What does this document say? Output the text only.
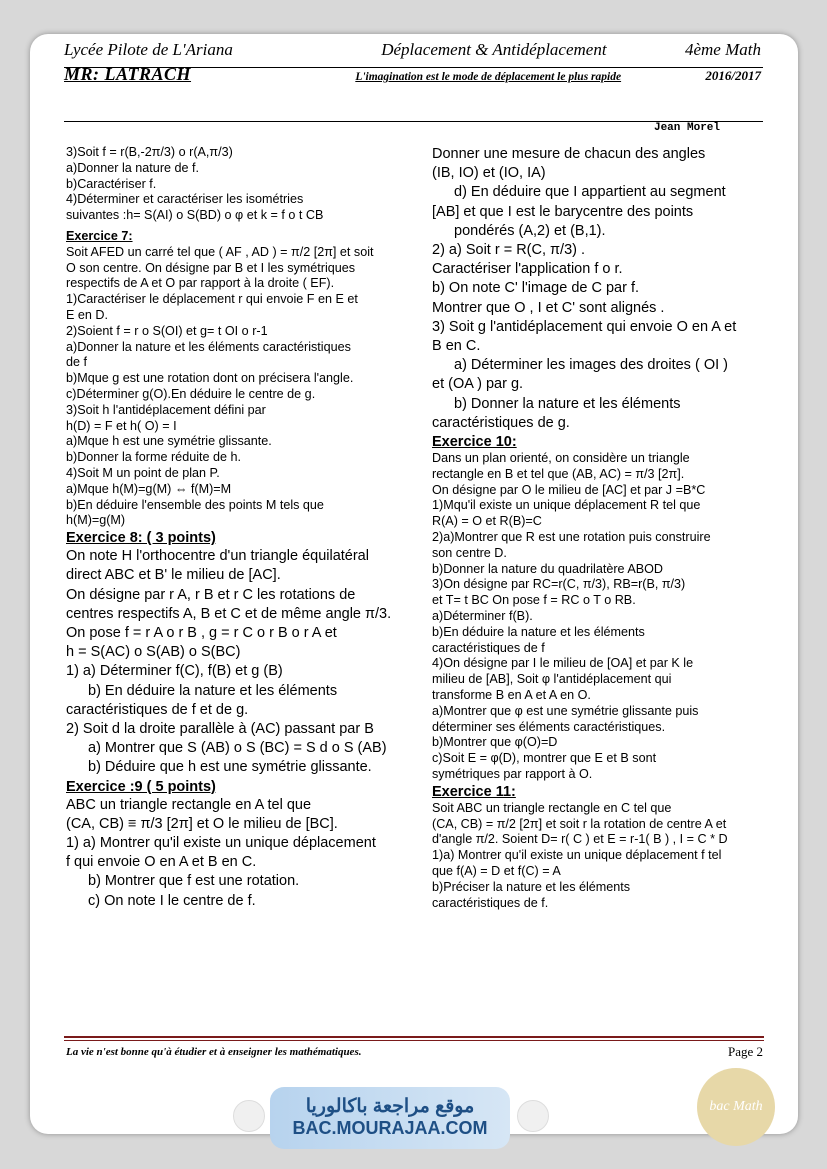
Lycée Pilote de L'Ariana	Déplacement & Antidéplacement	4ème Math
MR: LATRACH	L'imagination est le mode de déplacement le plus rapide	2016/2017
Jean Morel

3)Soit f = r(B,-2π/3) o r(A,π/3)

a)Donner la nature de f.

b)Caractériser f.

4)Déterminer et caractériser les isométries

suivantes :h= S(AI) o S(BD) o φ et k = f o t CB

Exercice 7:

Soit AFED un carré tel que ( AF , AD ) = π/2 [2π] et soit

O son centre. On désigne par B et I les symétriques

respectifs de A et O par rapport à la droite ( EF).

1)Caractériser le déplacement r qui envoie F en E et

E en D.

2)Soient f = r o S(OI) et g= t OI o r-1

a)Donner la nature et les éléments caractéristiques

de f

b)Mque g est une rotation dont on précisera l'angle.

c)Déterminer g(O).En déduire le centre de g.

3)Soit h l'antidéplacement défini par

h(D) = F et h( O) = I

a)Mque h est une symétrie glissante.

b)Donner la forme réduite de h.

4)Soit M un point de plan P.

a)Mque h(M)=g(M) ⇔ f(M)=M

b)En déduire l'ensemble des points M tels que

h(M)=g(M)

Exercice 8: ( 3 points)

On note H l'orthocentre d'un triangle équilatéral

direct ABC et B' le milieu de [AC].

On désigne par r A, r B et r C les rotations de

centres respectifs A, B et C et de même angle π/3.

On pose f = r A o r B , g = r C o r B o r A et

h = S(AC) o S(AB) o S(BC)

1) a) Déterminer f(C), f(B) et g (B)

b) En déduire la nature et les éléments

caractéristiques de f et de g.

2) Soit d la droite parallèle à (AC) passant par B

a) Montrer que S (AB) o S (BC) = S d o S (AB)

b) Déduire que h est une symétrie glissante.

Exercice :9 ( 5 points)

ABC un triangle rectangle en A tel que

(CA, CB) ≡ π/3 [2π] et O le milieu de [BC].

1) a) Montrer qu'il existe un unique déplacement

f qui envoie O en A et B en C.

b) Montrer que f est une rotation.

c) On note I le centre de f.

Donner une mesure de chacun des angles

(IB, IO) et (IO, IA)

d) En déduire que I appartient au segment

[AB] et que I est le barycentre des points

pondérés (A,2) et (B,1).

2) a) Soit r = R(C, π/3) .

Caractériser l'application f o r.

b) On note C' l'image de C par f.

Montrer que O , I et C' sont alignés .

3) Soit g l'antidéplacement qui envoie O en A et

B en C.

a) Déterminer les images des droites ( OI )

et (OA ) par g.

b) Donner la nature et les éléments

caractéristiques de g.

Exercice 10:

Dans un plan orienté, on considère un triangle

rectangle en B et tel que (AB, AC) = π/3 [2π].

On désigne par O le milieu de [AC] et par J =B*C

1)Mqu'il existe un unique déplacement R tel que

R(A) = O et R(B)=C

2)a)Montrer que R est une rotation puis construire

son centre D.

b)Donner la nature du quadrilatère ABOD

3)On désigne par RC=r(C, π/3), RB=r(B, π/3)

et T= t BC On pose f = RC o T o RB.

a)Déterminer f(B).

b)En déduire la nature et les éléments

caractéristiques de f

4)On désigne par I le milieu de [OA] et par K le

milieu de [AB], Soit φ l'antidéplacement qui

transforme B en A et A en O.

a)Montrer que φ est une symétrie glissante puis

déterminer ses éléments caractéristiques.

b)Montrer que φ(O)=D

c)Soit E = φ(D), montrer que E et B sont

symétriques par rapport à O.

Exercice 11:

Soit ABC un triangle rectangle en C tel que

(CA, CB) = π/2 [2π] et soit r la rotation de centre A et

d'angle π/2. Soient D= r( C ) et E = r-1( B ) , I = C * D

1)a) Montrer qu'il existe un unique déplacement f tel

que f(A) = D et f(C) = A

b)Préciser la nature et les éléments

caractéristiques de f.

La vie n'est bonne qu'à étudier et à enseigner les mathématiques.	Page 2
موقع مراجعة باكالوريا
BAC.MOURAJAA.COM
bac Math
